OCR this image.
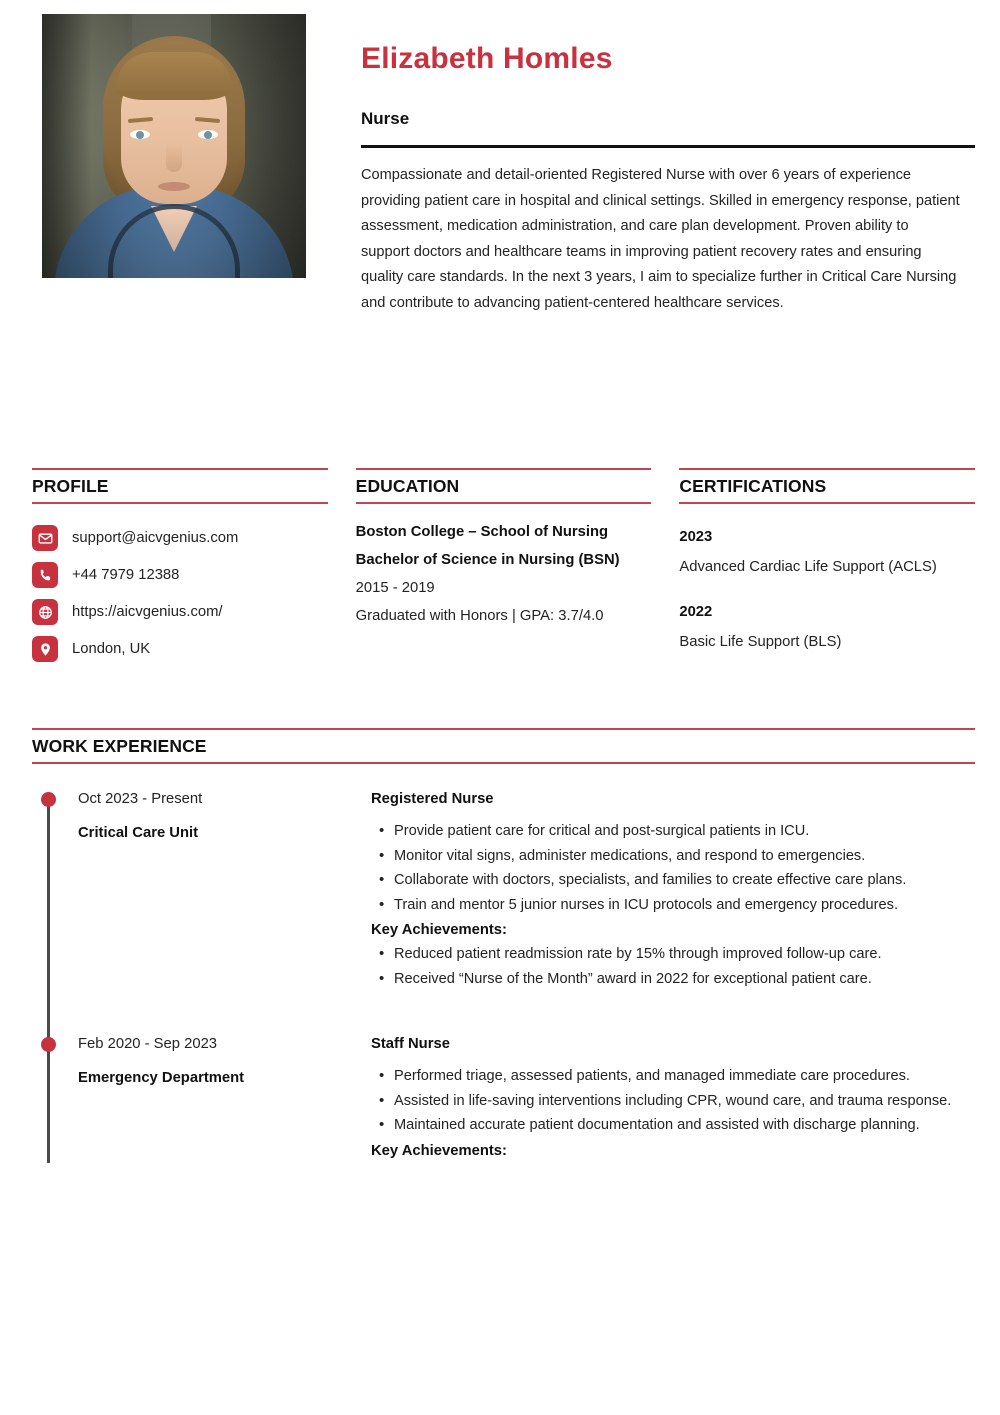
Elizabeth Homles
Nurse
Compassionate and detail-oriented Registered Nurse with over 6 years of experience providing patient care in hospital and clinical settings. Skilled in emergency response, patient assessment, medication administration, and care plan development. Proven ability to support doctors and healthcare teams in improving patient recovery rates and ensuring quality care standards. In the next 3 years, I aim to specialize further in Critical Care Nursing and contribute to advancing patient-centered healthcare services.
PROFILE
support@aicvgenius.com
+44 7979 12388
https://aicvgenius.com/
London, UK
EDUCATION
Boston College – School of Nursing
Bachelor of Science in Nursing (BSN)
2015 - 2019
Graduated with Honors | GPA: 3.7/4.0
CERTIFICATIONS
2023
Advanced Cardiac Life Support (ACLS)
2022
Basic Life Support (BLS)
WORK EXPERIENCE
Oct 2023 - Present
Critical Care Unit
Registered Nurse
• Provide patient care for critical and post-surgical patients in ICU.
• Monitor vital signs, administer medications, and respond to emergencies.
• Collaborate with doctors, specialists, and families to create effective care plans.
• Train and mentor 5 junior nurses in ICU protocols and emergency procedures.
Key Achievements:
• Reduced patient readmission rate by 15% through improved follow-up care.
• Received “Nurse of the Month” award in 2022 for exceptional patient care.
Feb 2020 - Sep 2023
Emergency Department
Staff Nurse
• Performed triage, assessed patients, and managed immediate care procedures.
• Assisted in life-saving interventions including CPR, wound care, and trauma response.
• Maintained accurate patient documentation and assisted with discharge planning.
Key Achievements:
